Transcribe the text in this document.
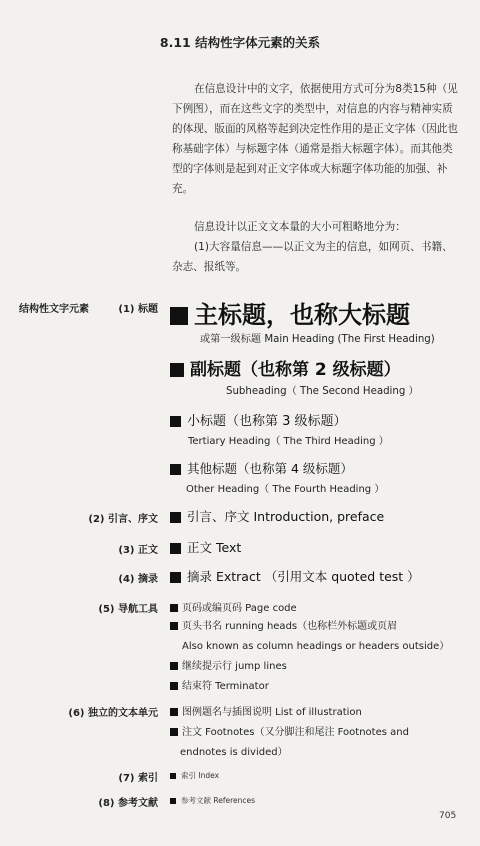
8.11 结构性字体元素的关系

在信息设计中的文字，依据使用方式可分为8类15种（见下例图），而在这些文字的类型中，对信息的内容与精神实质的体现、版面的风格等起到决定性作用的是正文字体（因此也称基础字体）与标题字体（通常是指大标题字体）。而其他类型的字体则是起到对正文字体或大标题字体功能的加强、补充。

信息设计以正文文本量的大小可粗略地分为：

(1)大容量信息——以正文为主的信息，如网页、书籍、杂志、报纸等。

结构性文字元素	(1) 标题	主标题，也称大标题
或第一级标题 Main Heading (The First Heading)
副标题（也称第 2 级标题）
Subheading（ The Second Heading ）
小标题（也称第 3 级标题）
Tertiary Heading（ The Third Heading ）
其他标题（也称第 4 级标题）
Other Heading（ The Fourth Heading ）
(2) 引言、序文	引言、序文 Introduction, preface
(3) 正文	正文 Text
(4) 摘录	摘录 Extract （引用文本 quoted test ）
(5) 导航工具	页码或编页码 Page code
页头书名 running heads（也称栏外标题或页眉
Also known as column headings or headers outside）
继续提示行 jump lines
结束符 Terminator
(6) 独立的文本单元	图例题名与插图说明 List of illustration
注文 Footnotes（又分脚注和尾注 Footnotes and
endnotes is divided）
(7) 索引	索引 Index
(8) 参考文献	参考文献 References
705
